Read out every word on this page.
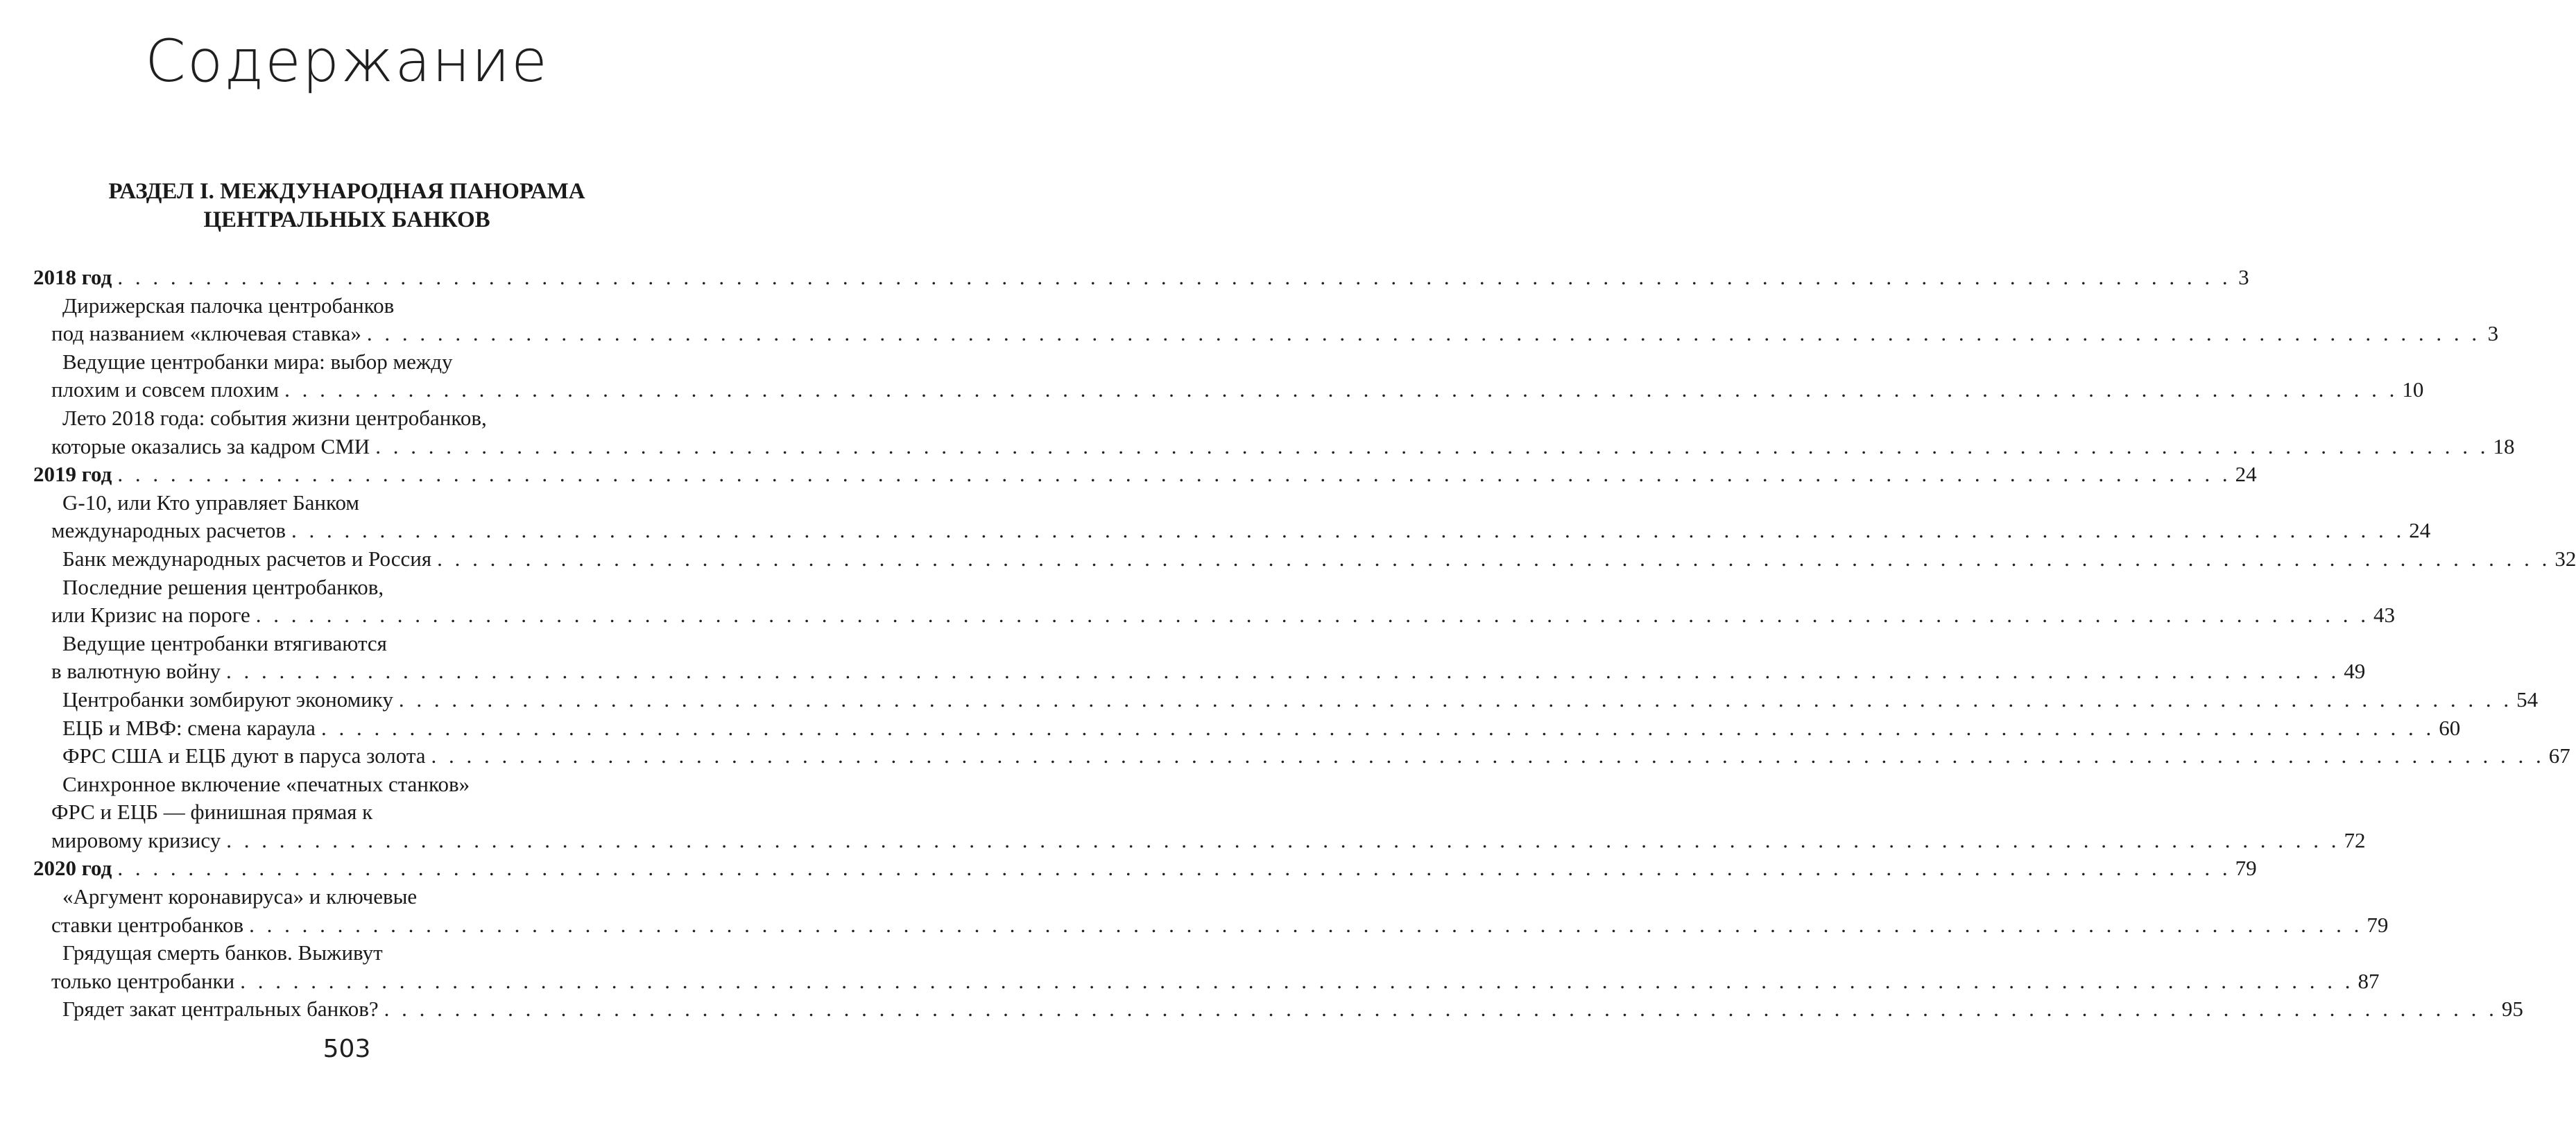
Содержание
РАЗДЕЛ I. МЕЖДУНАРОДНАЯ ПАНОРАМА
ЦЕНТРАЛЬНЫХ БАНКОВ
2018 год . . . . . . . . . . . . . . . . . . . . . . . . . . . . . . . . . . . . . . . . . . . . . . . . . . . . . . . . . . . . . . . . . . . . . . . . . . . . . . . . . . . . . . . . . . . . . . . . . . . . . . . . . . . . . . . . . . . . . . . . 3
Дирижерская палочка центробанков
под названием «ключевая ставка» . . . . . . . . . . . . . . . . . . . . . . . . . . . . . . . . . . . . . . . . . . . . . . . . . . . . . . . . . . . . . . . . . . . . . . . . . . . . . . . . . . . . . . . . . . . . . . . . . . . . . . . . . . . . . . . . . . . . . . . . 3
Ведущие центробанки мира: выбор между
плохим и совсем плохим . . . . . . . . . . . . . . . . . . . . . . . . . . . . . . . . . . . . . . . . . . . . . . . . . . . . . . . . . . . . . . . . . . . . . . . . . . . . . . . . . . . . . . . . . . . . . . . . . . . . . . . . . . . . . . . . . . . . . . . . 10
Лето 2018 года: события жизни центробанков,
которые оказались за кадром СМИ . . . . . . . . . . . . . . . . . . . . . . . . . . . . . . . . . . . . . . . . . . . . . . . . . . . . . . . . . . . . . . . . . . . . . . . . . . . . . . . . . . . . . . . . . . . . . . . . . . . . . . . . . . . . . . . . . . . . . . . . 18
2019 год . . . . . . . . . . . . . . . . . . . . . . . . . . . . . . . . . . . . . . . . . . . . . . . . . . . . . . . . . . . . . . . . . . . . . . . . . . . . . . . . . . . . . . . . . . . . . . . . . . . . . . . . . . . . . . . . . . . . . . . . 24
G-10, или Кто управляет Банком
международных расчетов . . . . . . . . . . . . . . . . . . . . . . . . . . . . . . . . . . . . . . . . . . . . . . . . . . . . . . . . . . . . . . . . . . . . . . . . . . . . . . . . . . . . . . . . . . . . . . . . . . . . . . . . . . . . . . . . . . . . . . . . 24
Банк международных расчетов и Россия . . . . . . . . . . . . . . . . . . . . . . . . . . . . . . . . . . . . . . . . . . . . . . . . . . . . . . . . . . . . . . . . . . . . . . . . . . . . . . . . . . . . . . . . . . . . . . . . . . . . . . . . . . . . . . . . . . . . . . . . 32
Последние решения центробанков,
или Кризис на пороге . . . . . . . . . . . . . . . . . . . . . . . . . . . . . . . . . . . . . . . . . . . . . . . . . . . . . . . . . . . . . . . . . . . . . . . . . . . . . . . . . . . . . . . . . . . . . . . . . . . . . . . . . . . . . . . . . . . . . . . . 43
Ведущие центробанки втягиваются
в валютную войну . . . . . . . . . . . . . . . . . . . . . . . . . . . . . . . . . . . . . . . . . . . . . . . . . . . . . . . . . . . . . . . . . . . . . . . . . . . . . . . . . . . . . . . . . . . . . . . . . . . . . . . . . . . . . . . . . . . . . . . . 49
Центробанки зомбируют экономику . . . . . . . . . . . . . . . . . . . . . . . . . . . . . . . . . . . . . . . . . . . . . . . . . . . . . . . . . . . . . . . . . . . . . . . . . . . . . . . . . . . . . . . . . . . . . . . . . . . . . . . . . . . . . . . . . . . . . . . . 54
ЕЦБ и МВФ: смена караула . . . . . . . . . . . . . . . . . . . . . . . . . . . . . . . . . . . . . . . . . . . . . . . . . . . . . . . . . . . . . . . . . . . . . . . . . . . . . . . . . . . . . . . . . . . . . . . . . . . . . . . . . . . . . . . . . . . . . . . . 60
ФРС США и ЕЦБ дуют в паруса золота . . . . . . . . . . . . . . . . . . . . . . . . . . . . . . . . . . . . . . . . . . . . . . . . . . . . . . . . . . . . . . . . . . . . . . . . . . . . . . . . . . . . . . . . . . . . . . . . . . . . . . . . . . . . . . . . . . . . . . . . 67
Синхронное включение «печатных станков»
ФРС и ЕЦБ — финишная прямая к
мировому кризису . . . . . . . . . . . . . . . . . . . . . . . . . . . . . . . . . . . . . . . . . . . . . . . . . . . . . . . . . . . . . . . . . . . . . . . . . . . . . . . . . . . . . . . . . . . . . . . . . . . . . . . . . . . . . . . . . . . . . . . . 72
2020 год . . . . . . . . . . . . . . . . . . . . . . . . . . . . . . . . . . . . . . . . . . . . . . . . . . . . . . . . . . . . . . . . . . . . . . . . . . . . . . . . . . . . . . . . . . . . . . . . . . . . . . . . . . . . . . . . . . . . . . . . 79
«Аргумент коронавируса» и ключевые
ставки центробанков . . . . . . . . . . . . . . . . . . . . . . . . . . . . . . . . . . . . . . . . . . . . . . . . . . . . . . . . . . . . . . . . . . . . . . . . . . . . . . . . . . . . . . . . . . . . . . . . . . . . . . . . . . . . . . . . . . . . . . . . 79
Грядущая смерть банков. Выживут
только центробанки . . . . . . . . . . . . . . . . . . . . . . . . . . . . . . . . . . . . . . . . . . . . . . . . . . . . . . . . . . . . . . . . . . . . . . . . . . . . . . . . . . . . . . . . . . . . . . . . . . . . . . . . . . . . . . . . . . . . . . . . 87
Грядет закат центральных банков? . . . . . . . . . . . . . . . . . . . . . . . . . . . . . . . . . . . . . . . . . . . . . . . . . . . . . . . . . . . . . . . . . . . . . . . . . . . . . . . . . . . . . . . . . . . . . . . . . . . . . . . . . . . . . . . . . . . . . . . . 95
503
